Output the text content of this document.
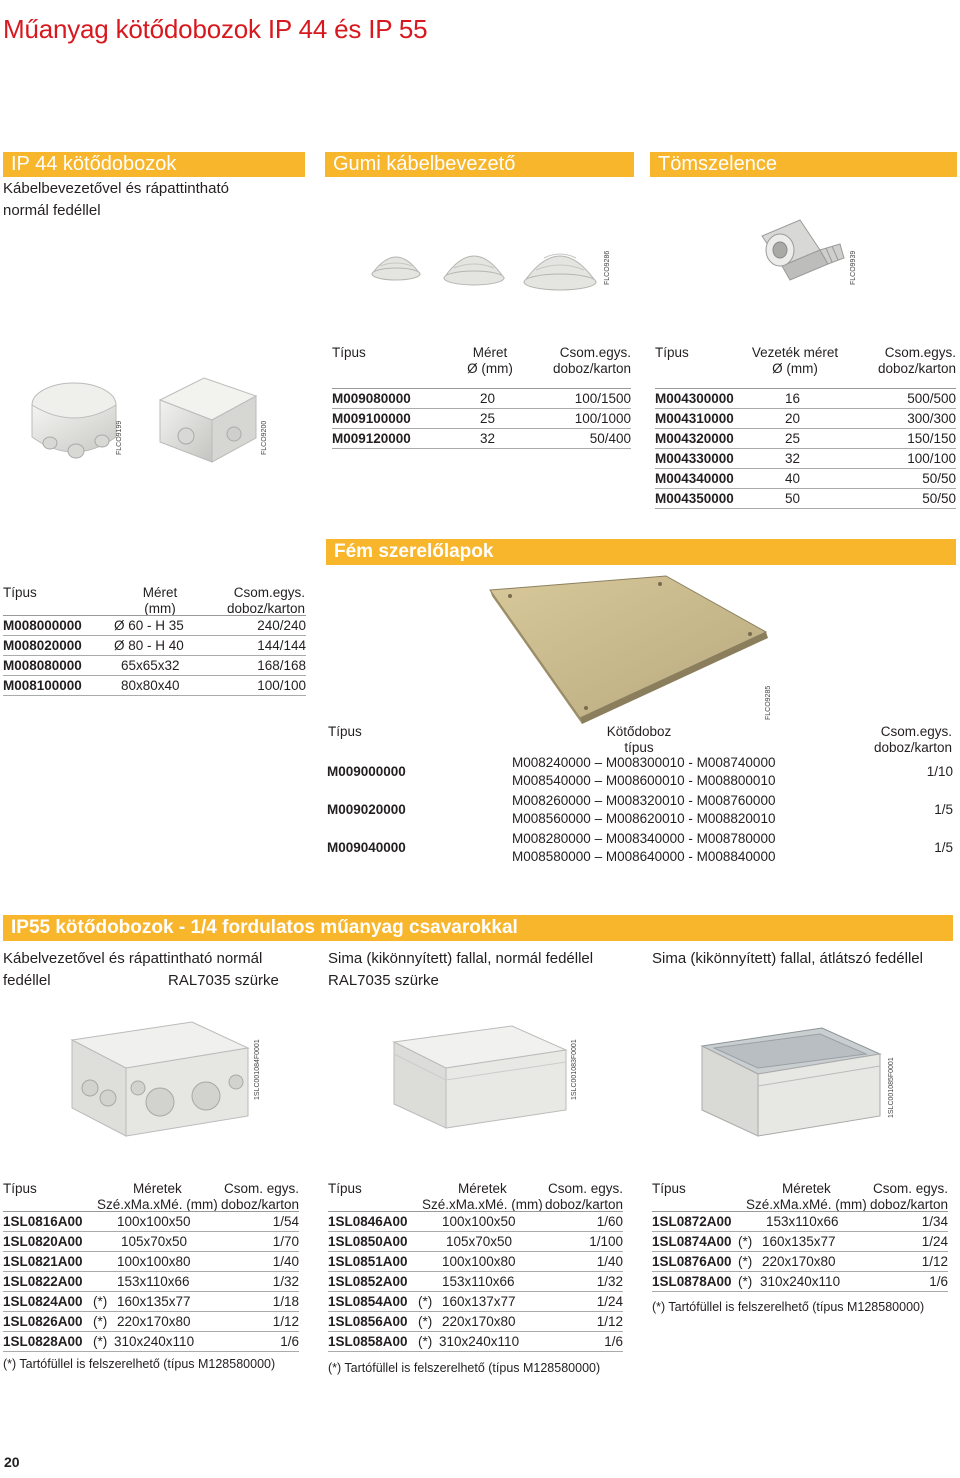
Műanyag kötődobozok IP 44 és IP 55
IP 44 kötődobozok
Kábelbevezetővel és rápattintható
normál fedéllel
FLCO9199	FLCO9200
Típus	Méret
(mm)
Csom.egys.
doboz/karton
M008000000 Ø 60 - H 35	240/240
M008020000 Ø 80 - H 40	144/144
M008080000	65x65x32	168/168
M008100000	80x80x40	100/100
Gumi kábelbevezető
FLCO9286
Típus	Méret
Ø (mm)
Csom.egys.
doboz/karton
M009080000	20	100/1500
M009100000	25	100/1000
M009120000	32	50/400
Tömszelence
FLCO9939
Típus	Vezeték méret
Ø (mm)
Csom.egys.
doboz/karton
M004300000	16	500/500
M004310000	20	300/300
M004320000	25	150/150
M004330000	32	100/100
M004340000	40	50/50
M004350000	50	50/50
Fém szerelőlapok
FLCO9285
Típus	Kötődoboz
típus
Csom.egys.
doboz/karton
M009000000
M008240000 – M008300010 - M008740000
M008540000 – M008600010 - M008800010
1/10
M009020000
M008260000 – M008320010 - M008760000
M008560000 – M008620010 - M008820010
1/5
M009040000
M008280000 – M008340000 - M008780000
M008580000 – M008640000 - M008840000
1/5
IP55 kötődobozok - 1/4 fordulatos műanyag csavarokkal
Kábelvezetővel és rápattintható normál
fedéllel	RAL7035 szürke
1SLC001084F0001
Típus	Méretek
Szé.xMa.xMé. (mm)
Csom. egys.
doboz/karton
1SL0816A00	100x100x50	1/54
1SL0820A00	105x70x50	1/70
1SL0821A00	100x100x80	1/40
1SL0822A00	153x110x66	1/32
1SL0824A00 (*) 160x135x77	1/18
1SL0826A00 (*) 220x170x80	1/12
1SL0828A00 (*) 310x240x110	1/6
(*) Tartófüllel is felszerelhető (típus M128580000)
Sima (kikönnyített) fallal, normál fedéllel
RAL7035 szürke
1SLC001083F0001
Típus	Méretek
Szé.xMa.xMé. (mm)
Csom. egys.
doboz/karton
1SL0846A00	100x100x50	1/60
1SL0850A00	105x70x50	1/100
1SL0851A00	100x100x80	1/40
1SL0852A00	153x110x66	1/32
1SL0854A00 (*) 160x137x77	1/24
1SL0856A00 (*) 220x170x80	1/12
1SL0858A00 (*) 310x240x110	1/6
(*) Tartófüllel is felszerelhető (típus M128580000)
Sima (kikönnyített) fallal, átlátszó fedéllel
1SLC001085F0001
Típus	Méretek
Szé.xMa.xMé. (mm)
Csom. egys.
doboz/karton
1SL0872A00	153x110x66	1/34
1SL0874A00 (*) 160x135x77	1/24
1SL0876A00 (*) 220x170x80	1/12
1SL0878A00 (*) 310x240x110	1/6
(*) Tartófüllel is felszerelhető (típus M128580000)
20
